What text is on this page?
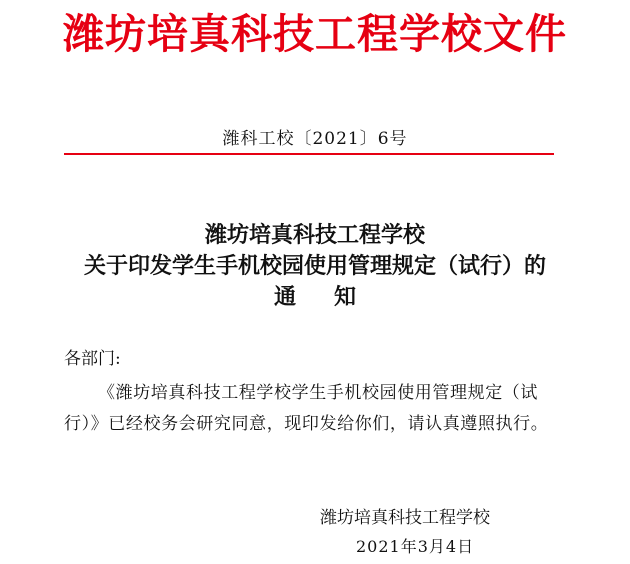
潍坊培真科技工程学校文件
潍科工校〔2021〕6号
潍坊培真科技工程学校
关于印发学生手机校园使用管理规定（试行）的
通知
各部门:
《潍坊培真科技工程学校学生手机校园使用管理规定（试行）》已经校务会研究同意，现印发给你们，请认真遵照执行。
潍坊培真科技工程学校
2021年3月4日
